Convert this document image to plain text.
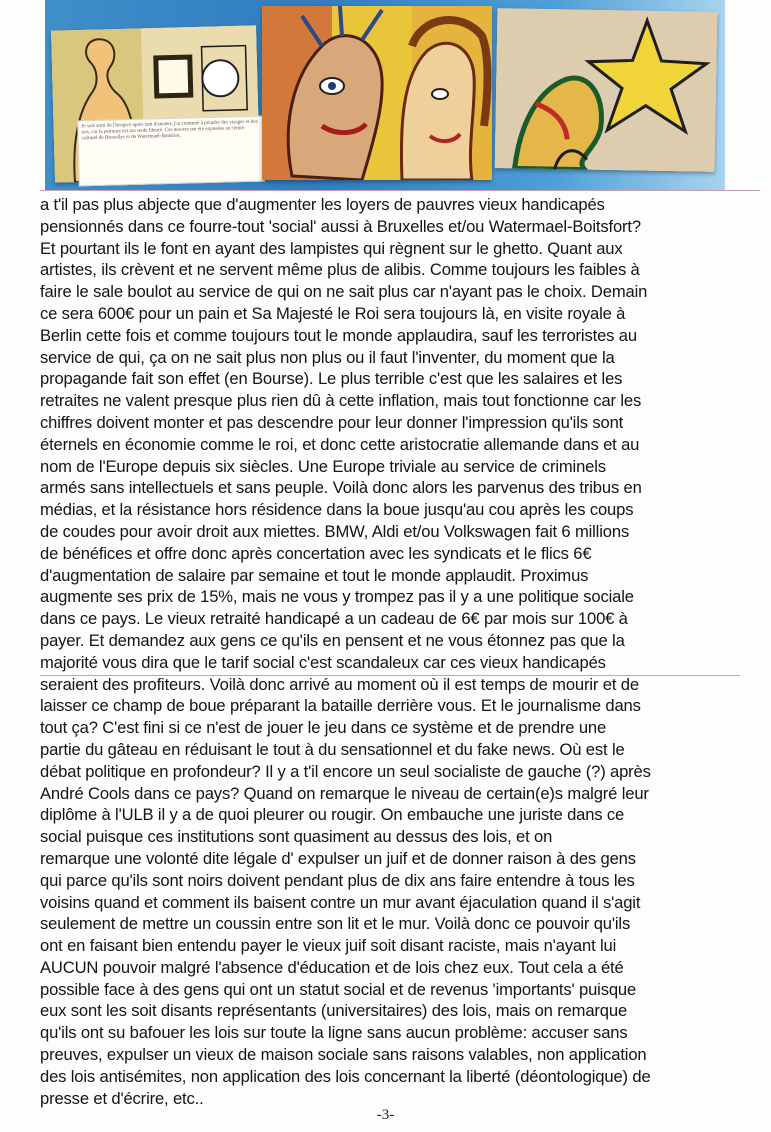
Je suis sorti de l'hospice après tant d'années, j'ai continué à peindre des visages et des nus, car la peinture est ma seule liberté. Ces œuvres ont été exposées au centre culturel de Bruxelles et de Watermael-Boitsfort.
a t'il pas plus abjecte que d'augmenter les loyers de pauvres vieux handicapés
pensionnés dans ce fourre-tout 'social' aussi à Bruxelles et/ou Watermael-Boitsfort?
Et pourtant ils le font en ayant des lampistes qui règnent sur le ghetto. Quant aux
artistes, ils crèvent et ne servent même plus de alibis. Comme toujours les faibles à
faire le sale boulot au service de qui on ne sait plus car n'ayant pas le choix. Demain
ce sera 600€ pour un pain et Sa Majesté le Roi sera toujours là, en visite royale à
Berlin cette fois et comme toujours tout le monde applaudira, sauf les terroristes au
service de qui, ça on ne sait plus non plus ou il faut l'inventer, du moment que la
propagande fait son effet (en Bourse). Le plus terrible c'est que les salaires et les
retraites ne valent presque plus rien dû à cette inflation, mais tout fonctionne car les
chiffres doivent monter et pas descendre pour leur donner l'impression qu'ils sont
éternels en économie comme le roi, et donc cette aristocratie allemande dans et au
nom de l'Europe depuis six siècles. Une Europe triviale au service de criminels
armés sans intellectuels et sans peuple. Voilà donc alors les parvenus des tribus en
médias, et la résistance hors résidence dans la boue jusqu'au cou après les coups
de coudes pour avoir droit aux miettes. BMW, Aldi et/ou Volkswagen fait 6 millions
de bénéfices et offre donc après concertation avec les syndicats et le flics 6€
d'augmentation de salaire par semaine et tout le monde applaudit. Proximus
augmente ses prix de 15%, mais ne vous y trompez pas il y a une politique sociale
dans ce pays. Le vieux retraité handicapé a un cadeau de 6€ par mois sur 100€ à
payer. Et demandez aux gens ce qu'ils en pensent et ne vous étonnez pas que la
majorité vous dira que le tarif social c'est scandaleux car ces vieux handicapés
seraient des profiteurs. Voilà donc arrivé au moment où il est temps de mourir et de
laisser ce champ de boue préparant la bataille derrière vous. Et le journalisme dans
tout ça? C'est fini si ce n'est de jouer le jeu dans ce système et de prendre une
partie du gâteau en réduisant le tout à du sensationnel et du fake news. Où est le
débat politique en profondeur? Il y a t'il encore un seul socialiste de gauche (?) après
André Cools dans ce pays? Quand on remarque le niveau de certain(e)s malgré leur
diplôme à l'ULB il y a de quoi pleurer ou rougir. On embauche une juriste dans ce
social puisque ces institutions sont quasiment au dessus des lois, et on
remarque une volonté dite légale d' expulser un juif et de donner raison à des gens
qui parce qu'ils sont noirs doivent pendant plus de dix ans faire entendre à tous les
voisins quand et comment ils baisent contre un mur avant éjaculation quand il s'agit
seulement de mettre un coussin entre son lit et le mur. Voilà donc ce pouvoir qu'ils
ont en faisant bien entendu payer le vieux juif soit disant raciste, mais n'ayant lui
AUCUN pouvoir malgré l'absence d'éducation et de lois chez eux. Tout cela a été
possible face à des gens qui ont un statut social et de revenus 'importants' puisque
eux sont les soit disants représentants (universitaires) des lois, mais on remarque
qu'ils ont su bafouer les lois sur toute la ligne sans aucun problème: accuser sans
preuves, expulser un vieux de maison sociale sans raisons valables, non application
des lois antisémites, non application des lois concernant la liberté (déontologique) de
presse et d'écrire, etc..
-3-
